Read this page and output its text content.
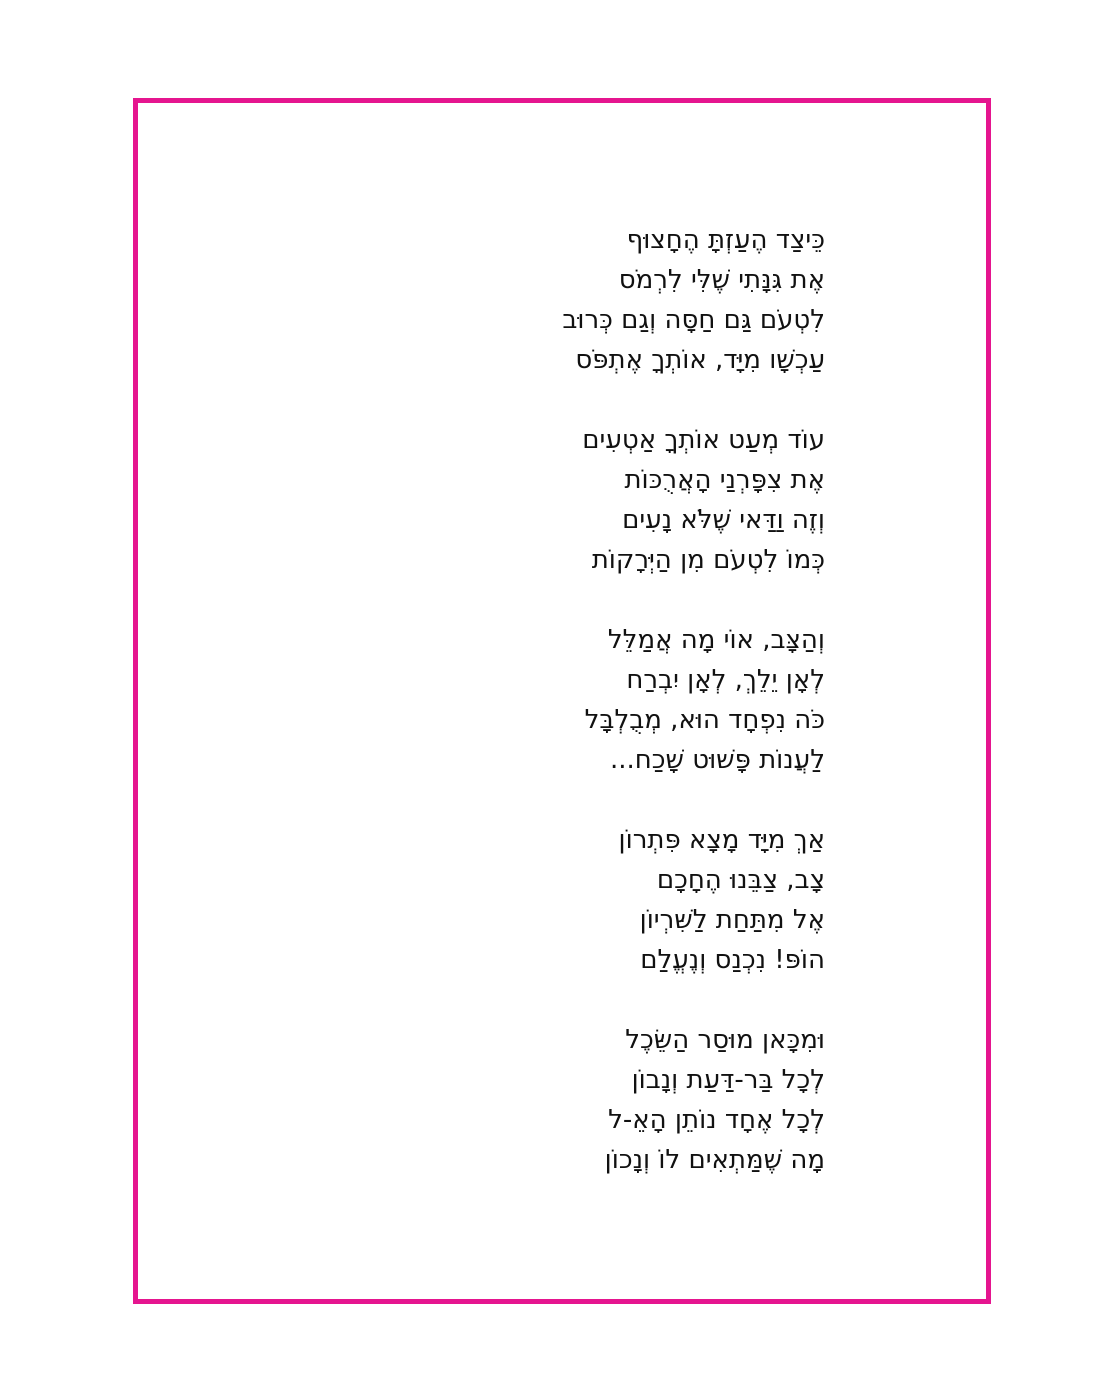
כֵּיצַד הֶעַזְתָּ הֶחָצוּף
אֶת גִּנָּתִי שֶׁלִּי לִרְמֹס
לִטְעֹם גַּם חַסָּה וְגַם כְּרוּב
עַכְשָׁו מִיָּד, אוֹתְךָ אֶתְפֹּס
עוֹד מְעַט אוֹתְךָ אַטְעִים
אֶת צִפָּרְנַי הָאֲרֻכּוֹת
וְזֶה וַדַּאי שֶׁלֹּא נָעִים
כְּמוֹ לִטְעֹם מִן הַיְּרָקוֹת
וְהַצָּב, אוֹי מָה אֲמַלֵּל
לְאָן יֵלֵךְ, לְאָן יִבְרַח
כֹּה נִפְחָד הוּא, מְבֻלְבָּל
לַעֲנוֹת פָּשׁוּט שָׁכַח...
אַךְ מִיָּד מָצָא פִּתְרוֹן
צָב, צַבֵּנוּ הֶחָכָם
אֶל מִתַּחַת לַשִּׁרְיוֹן
הוֹפּ! נִכְנַס וְנֶעֱלַם
וּמִכָּאן מוּסַר הַשֵּׂכֶל
לְכָל בַּר-דַּעַת וְנָבוֹן
לְכָל אֶחָד נוֹתֵן הָאֵ-ל
מָה שֶׁמַּתְאִים לוֹ וְנָכוֹן
